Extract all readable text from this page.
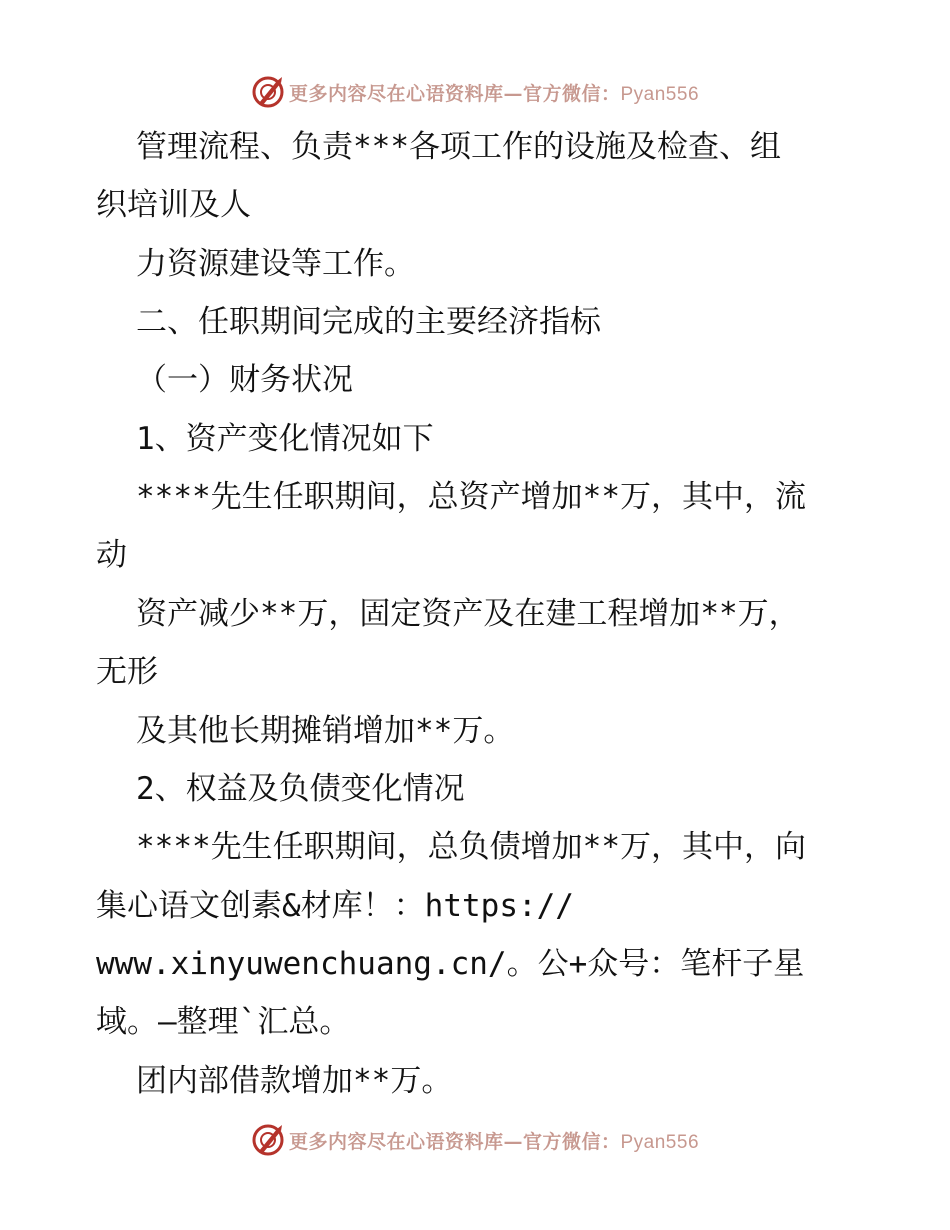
更多内容尽在心语资料库—官方微信：Pyan556
管理流程、负责***各项工作的设施及检查、组
织培训及人
力资源建设等工作。
二、任职期间完成的主要经济指标
（一）财务状况
1、资产变化情况如下
****先生任职期间，总资产增加**万，其中，流
动
资产减少**万，固定资产及在建工程增加**万，
无形
及其他长期摊销增加**万。
2、权益及负债变化情况
****先生任职期间，总负债增加**万，其中，向
集心语文创素&材库！：https://
www.xinyuwenchuang.cn/。公+众号：笔杆子星
域。—整理`汇总。
团内部借款增加**万。
更多内容尽在心语资料库—官方微信：Pyan556
